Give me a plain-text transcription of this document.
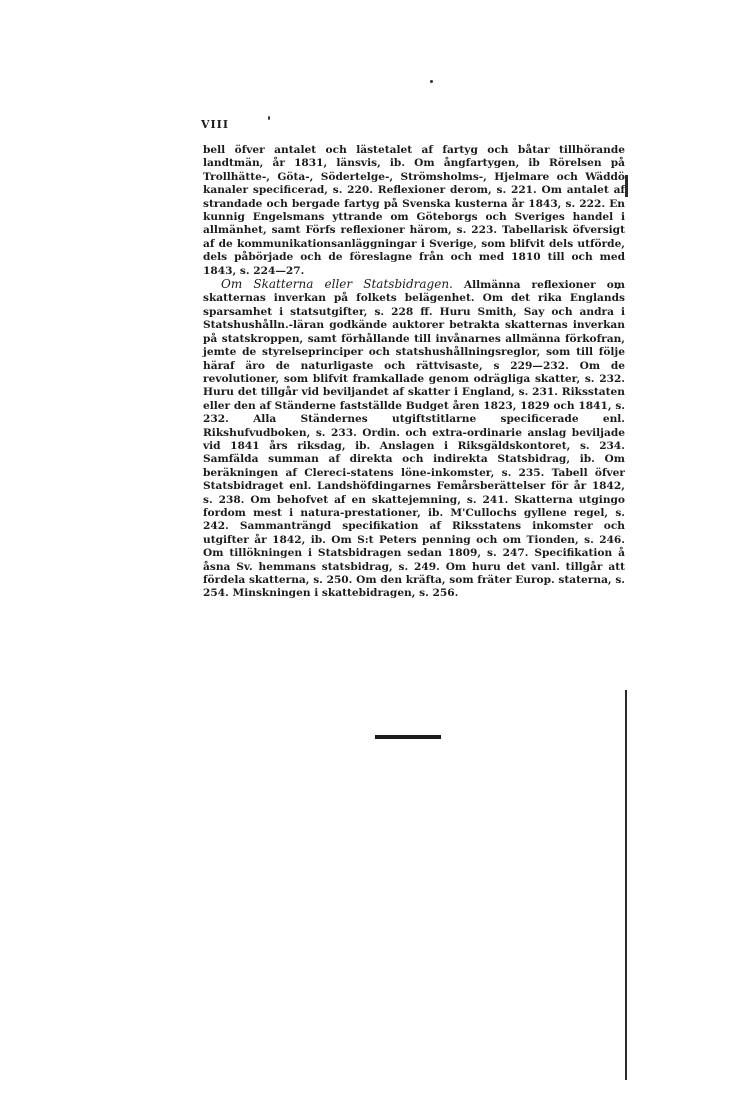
VIII

bell öfver antalet och lästetalet af fartyg och båtar tillhörande landtmän, år 1831, länsvis, ib. Om ångfartygen, ib Rörelsen på Trollhätte-, Göta-, Södertelge-, Strömsholms-, Hjelmare och Wäddö kanaler specificerad, s. 220. Reflexioner derom, s. 221. Om antalet af strandade och bergade fartyg på Svenska kusterna år 1843, s. 222. En kunnig Engelsmans yttrande om Göteborgs och Sveriges handel i allmänhet, samt Förfs reflexioner härom, s. 223. Tabellarisk öfversigt af de kommunikationsanläggningar i Sverige, som blifvit dels utförde, dels påbörjade och de föreslagne från och med 1810 till och med 1843, s. 224—27.

Om Skatterna eller Statsbidragen. Allmänna reflexioner om skatternas inverkan på folkets belägenhet. Om det rika Englands sparsamhet i statsutgifter, s. 228 ff. Huru Smith, Say och andra i Statshushålln.-läran godkände auktorer betrakta skatternas inverkan på statskroppen, samt förhållande till invånarnes allmänna förkofran, jemte de styrelseprinciper och statshushållningsreglor, som till följe häraf äro de naturligaste och rättvisaste, s 229—232. Om de revolutioner, som blifvit framkallade genom odrägliga skatter, s. 232. Huru det tillgår vid beviljandet af skatter i England, s. 231. Riksstaten eller den af Ständerne fastställde Budget åren 1823, 1829 och 1841, s. 232. Alla Ständernes utgiftstitlarne specificerade enl. Rikshufvudboken, s. 233. Ordin. och extra-ordinarie anslag beviljade vid 1841 års riksdag, ib. Anslagen i Riksgäldskontoret, s. 234. Samfälda summan af direkta och indirekta Statsbidrag, ib. Om beräkningen af Clereci-statens löne-inkomster, s. 235. Tabell öfver Statsbidraget enl. Landshöfdingarnes Femårsberättelser för år 1842, s. 238. Om behofvet af en skattejemning, s. 241. Skatterna utgingo fordom mest i natura-prestationer, ib. M'Cullochs gyllene regel, s. 242. Sammanträngd specifikation af Riksstatens inkomster och utgifter år 1842, ib. Om S:t Peters penning och om Tionden, s. 246. Om tillökningen i Statsbidragen sedan 1809, s. 247. Specifikation å åsna Sv. hemmans statsbidrag, s. 249. Om huru det vanl. tillgår att fördela skatterna, s. 250. Om den kräfta, som fräter Europ. staterna, s. 254. Minskningen i skattebidragen, s. 256.
